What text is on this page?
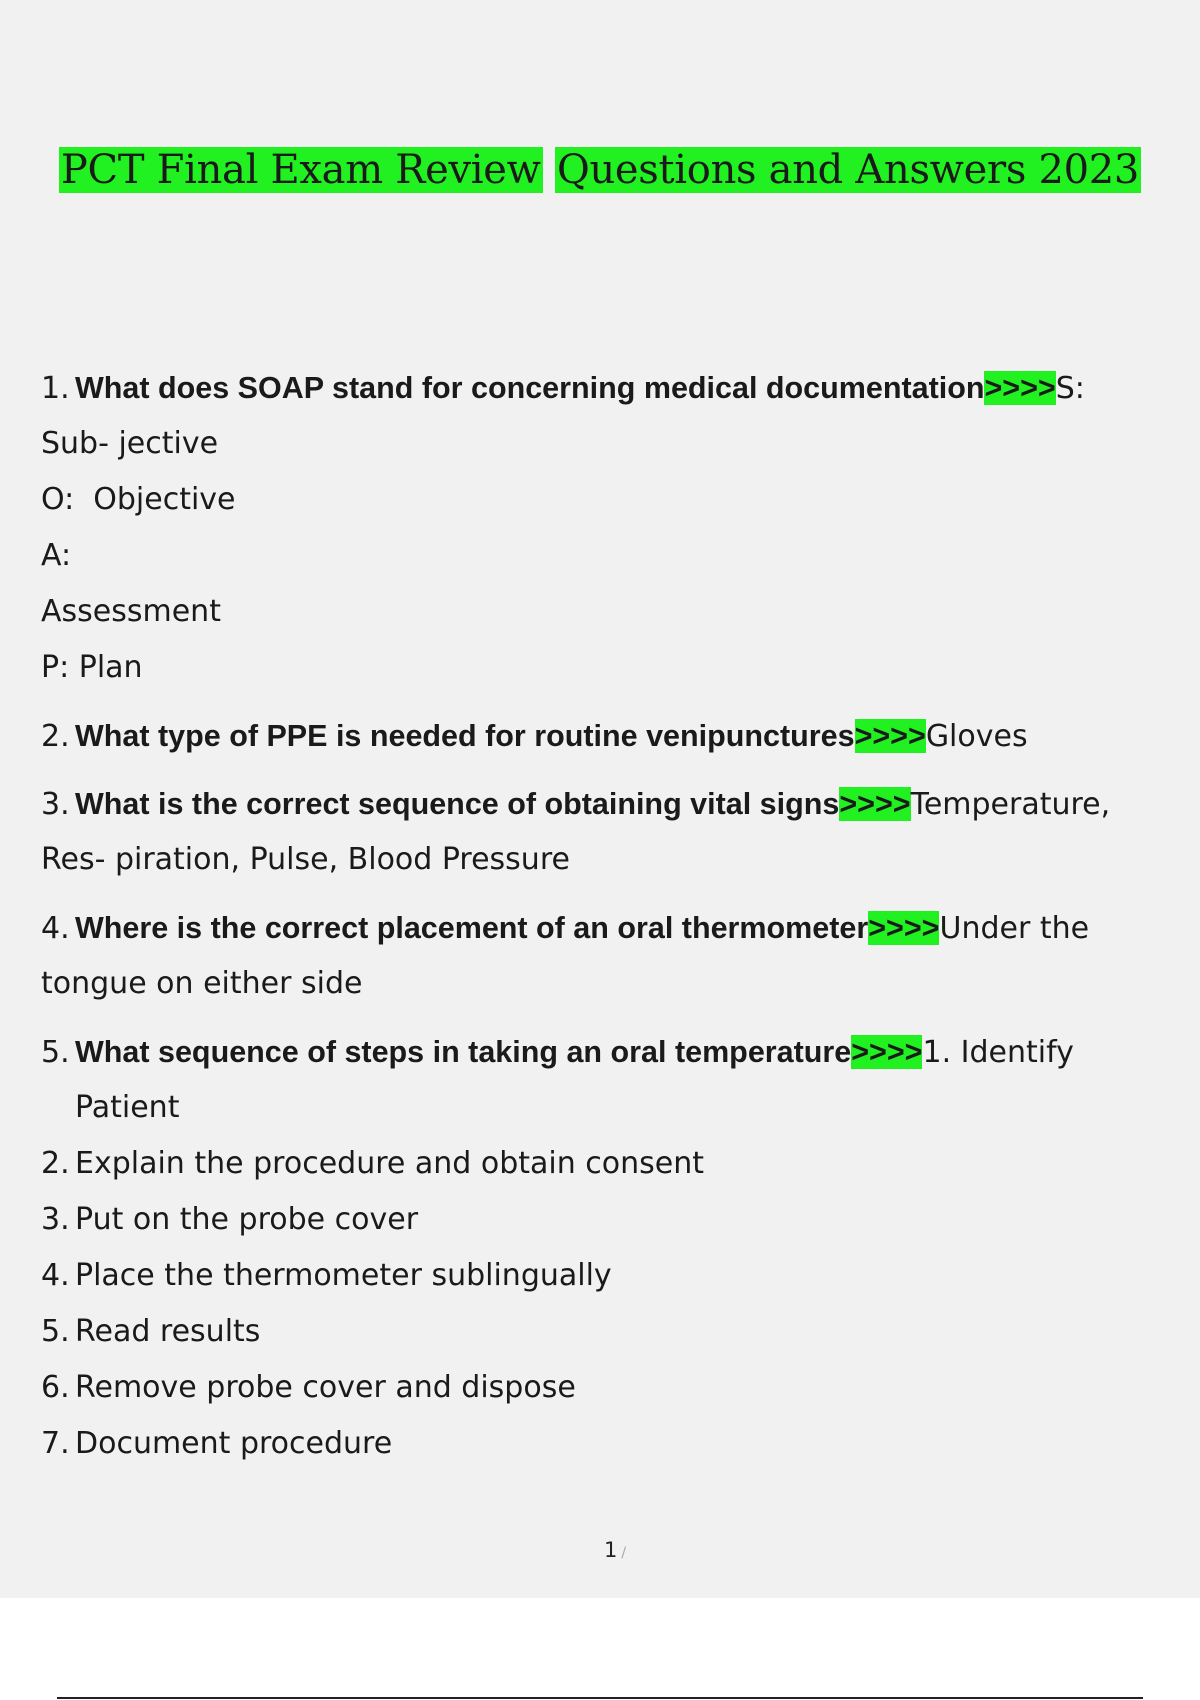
PCT Final Exam Review Questions and Answers 2023
1. What does SOAP stand for concerning medical documentation>>>>S:
Sub- jective
O:  Objective
A:
Assessment
P: Plan
2. What type of PPE is needed for routine venipunctures>>>>Gloves
3. What is the correct sequence of obtaining vital signs>>>>Temperature,
Res- piration, Pulse, Blood Pressure
4. Where is the correct placement of an oral thermometer>>>>Under the
tongue on either side
5. What sequence of steps in taking an oral temperature>>>>1. Identify
Patient
2. Explain the procedure and obtain consent
3. Put on the probe cover
4. Place the thermometer sublingually
5. Read results
6. Remove probe cover and dispose
7. Document procedure
1 /
